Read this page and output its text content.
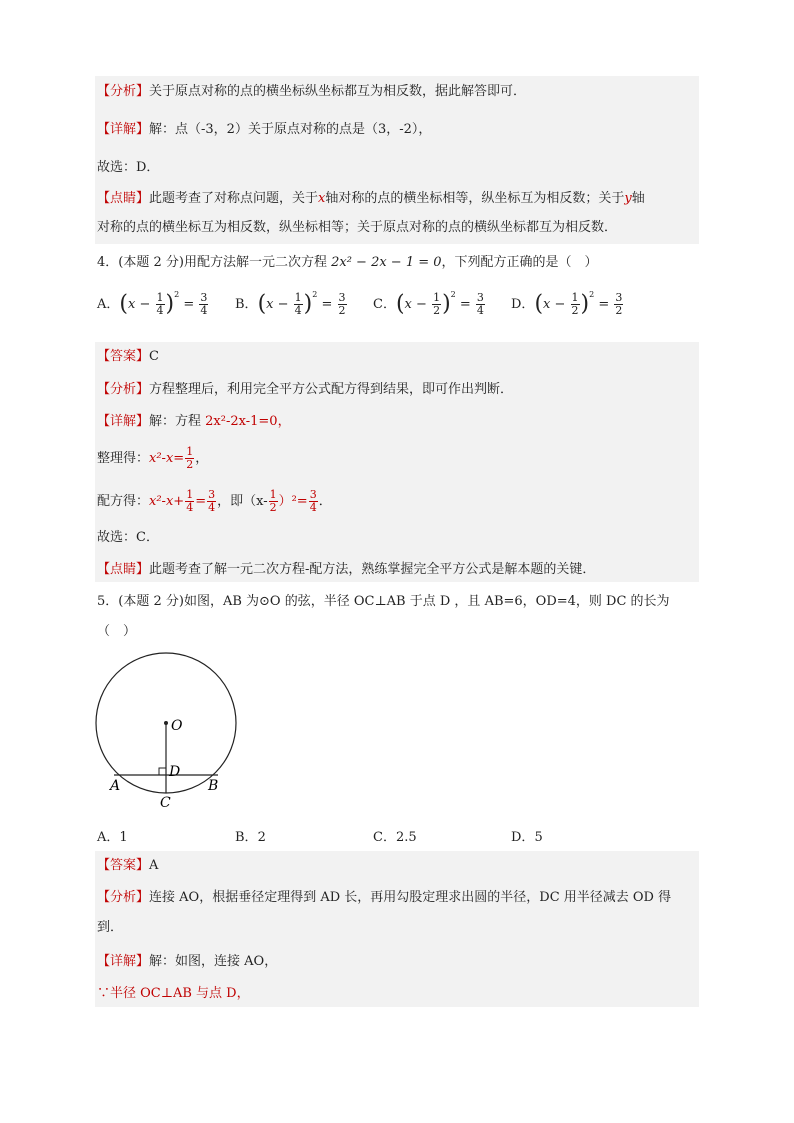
【分析】关于原点对称的点的横坐标纵坐标都互为相反数，据此解答即可．
【详解】解：点（-3，2）关于原点对称的点是（3，-2），
故选：D．
【点睛】此题考查了对称点问题，关于x轴对称的点的横坐标相等，纵坐标互为相反数；关于y轴
对称的点的横坐标互为相反数，纵坐标相等；关于原点对称的点的横纵坐标都互为相反数．
4．(本题 2 分)用配方法解一元二次方程 2x² − 2x − 1 = 0，下列配方正确的是（　）
A．$(x - \frac{1}{4} )^2 = \frac{3}{4}$ B．$(x - \frac{1}{4} )^2 = \frac{3}{2}$ C．$(x - \frac{1}{2} )^2 = \frac{3}{4}$ D．$(x - \frac{1}{2} )^2 = \frac{3}{2}$
【答案】C
【分析】方程整理后，利用完全平方公式配方得到结果，即可作出判断．
【详解】解：方程 2x²-2x-1=0，
整理得：$x^2-x= \frac{1}{2}$ ，
配方得：$x^2-x+ \frac{1}{4} = \frac{3}{4}$ ，即$(x- \frac{1}{2} )^2= \frac{3}{4}$ ．
故选：C．
【点睛】此题考查了解一元二次方程-配方法，熟练掌握完全平方公式是解本题的关键．
5．(本题 2 分)如图，AB 为⊙O 的弦，半径 OC⊥AB 于点 D ，且 AB=6，OD=4，则 DC 的长为
（　）
O
D
A	B
C
A．1	B．2	C．2.5	D．5
【答案】A
【分析】连接 AO，根据垂径定理得到 AD 长，再用勾股定理求出圆的半径，DC 用半径减去 OD 得
到．
【详解】解：如图，连接 AO，
∵半径 OC⊥AB 与点 D，
